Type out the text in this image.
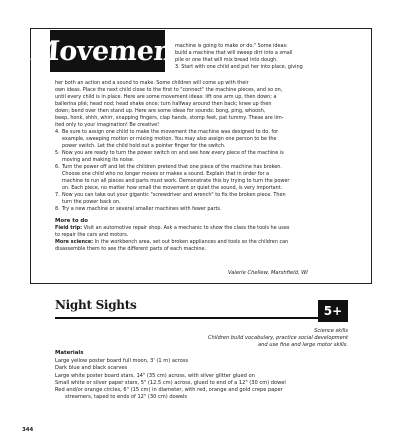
Movement
machine is going to make or do." Some ideas:
build a machine that will sweep dirt into a small
pile or one that will mix bread into dough.
3. Start with one child and put her into place, giving
her both an action and a sound to make. Some children will come up with their
own ideas. Place the next child close to the first to "connect" the machine pieces, and so on,
until every child is in place. Here are some movement ideas: lift one arm up, then down; a
ballerina plié; head nod; head shake once; turn halfway around then back; knee up then
down; bend over then stand up. Here are some ideas for sounds: bong, ping, whoosh,
beep, honk, shhh, whirr, snapping fingers, clap hands, stomp feet, pat tummy. These are lim-
ited only to your imagination! Be creative!
4. Be sure to assign one child to make the movement the machine was designed to do, for
example, sweeping motion or mixing motion. You may also assign one person to be the
power switch. Let the child hold out a pointer finger for the switch.
5. Now you are ready to turn the power switch on and see how every piece of the machine is
moving and making its noise.
6. Turn the power off and let the children pretend that one piece of the machine has broken.
Choose one child who no longer moves or makes a sound. Explain that in order for a
machine to run all pieces and parts must work. Demonstrate this by trying to turn the power
on. Each piece, no matter how small the movement or quiet the sound, is very important.
7. Now you can take out your gigantic "screwdriver and wrench" to fix the broken piece. Then
turn the power back on.
8. Try a new machine or several smaller machines with fewer parts.
More to do
Field trip: Visit an automotive repair shop. Ask a mechanic to show the class the tools he uses
to repair the cars and motors.
More science: In the workbench area, set out broken appliances and tools so the children can
disassemble them to see the different parts of each machine.
Valerie Chellew, Marshfield, WI
Night Sights	5+
Science skills
Children build vocabulary, practice social development
and use fine and large motor skills.
Materials
Large yellow poster board full moon, 3' (1 m) across
Dark blue and black scarves
Large white poster board stars, 14" (35 cm) across, with silver glitter glued on
Small white or silver paper stars, 5" (12.5 cm) across, glued to end of a 12" (30 cm) dowel
Red and/or orange circles, 6" (15 cm) in diameter, with red, orange and gold crepe paper
streamers, taped to ends of 12" (30 cm) dowels
344
